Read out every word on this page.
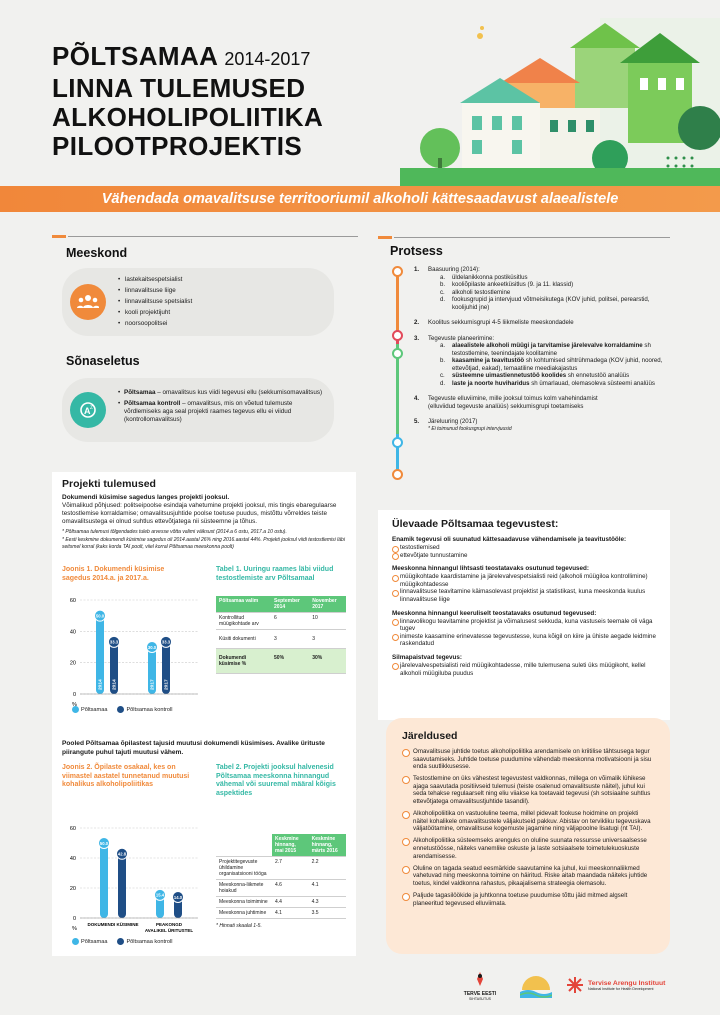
PÕLTSAMAA 2014-2017
LINNA TULEMUSED
ALKOHOLIPOLIITIKA
PILOOTPROJEKTIS
Vähendada omavalitsuse territooriumil alkoholi kättesaadavust alaealistele
Meeskond
• lastekaitsespetsialist
• linnavalitsuse liige
• linnavalitsuse spetsialist
• kooli projektijuht
• noorsoopolitsei
Sõnaseletus
A Z
• Põltsamaa – omavalitsus kus viidi tegevusi ellu (sekkumisomavalitsus)
• Põltsamaa kontroll – omavalitsus, mis on võetud tulemuste võrdlemiseks aga seal projekti raames tegevus ellu ei viidud (kontrollomavalitsus)
Protsess
1. Baasuuring (2014):
a. üldelanikkonna postiküsitlus
b. kooliõpilaste ankeetküsitlus (9. ja 11. klassid)
c. alkoholi testostlemine
d. fookusgrupid ja intervjuud võtmeisikutega (KOV juhid, politsei, perearstid, koolijuhid jne)
2. Koolitus sekkumisgrupi 4-5 liikmeliste meeskondadele
3. Tegevuste planeerimine:
a. alaealistele alkoholi müügi ja tarvitamise järelevalve korraldamine sh testostlemine, teenindajate koolitamine
b. kaasamine ja teavitustöö sh kohtumised sihtrühmadega (KOV juhid, noored, ettevõtjad, eakad), temaatiline meediakajastus
c. süsteemne uimastiennetustöö koolides sh ennetustöö analüüs
d. laste ja noorte huviharidus sh ümarlauad, olemasoleva süsteemi analüüs
4. Tegevuste elluviimine, mille jooksul toimus kolm vahehindamist (elluviidud tegevuste analüüs) sekkumisgrupi toetamiseks
5. Järeluuring (2017)
* Ei toimunud fookusgrupi intervjuusid
Projekti tulemused
Dokumendi küsimise sagedus langes projekti jooksul.
Võimalikud põhjused: politseipoolse esindaja vahetumine projekti jooksul, mis tingis ebaregulaarse testostlemise korraldamise; omavalitsusjuhtide poolse toetuse puudus, mistõttu võrreldes teiste omavalitsustega ei olnud suhtlus ettevõtjatega nii süsteemne ja tõhus.
* Põltsamaa tulemusi tõlgendades tuleb arvesse võtta valimi väiksust (2014.a 6 ostu, 2017.a 10 ostu).
* Eesti keskmine dokumendi küsimise sagedus oli 2014.aastal 26% ning 2016.aastal 44%. Projekti jooksul viidi testostlemisi läbi seitsmel korral (kaks korda TAI poolt, viiel korral Põltsamaa meeskonna poolt)
Joonis 1. Dokumendi küsimise sagedus 2014.a. ja 2017.a.
Tabel 1. Uuringu raames läbi viidud testostlemiste arv Põltsamaal
60
40
20
0
%
50.0
2014
33.3
2014
30.0
2017
33.3
2017
Põltsamaa	Põltsamaa kontroll
Põltsamaa valim	September 2014	November 2017
Kontrollitud müügikohtade arv	6	10
Küsiti dokumenti	3	3
Dokumendi küsimise %	50%	30%
Pooled Põltsamaa õpilastest tajusid muutusi dokumendi küsimises. Avalike ürituste piirangute puhul tajuti muutusi vähem.
Joonis 2. Õpilaste osakaal, kes on viimastel aastatel tunnetanud muutusi kohalikus alkoholipoliitikas
Tabel 2. Projekti jooksul halvenesid Põltsamaa meeskonna hinnangud vähemal või suuremal määral kõigis aspektides
60
40
20
0
%
50.0
42.8
DOKUMENDI KÜSIMINE
15.4 14.0
PEAKONGD
AVALIKEL ÜRITUSTEL
Põltsamaa	Põltsamaa kontroll
	Keskmine hinnang, mai 2015	Keskmine hinnang, märts 2016
Projektitegevuste ühildamine organisatsiooni tööga	2.7	2.2
Meeskonna-liikmete hoiakud	4.6	4.1
Meeskonna toimimine	4.4	4.3
Meeskonna juhtimine	4.1	3.5
* Hinnati skaalal 1-5.
Ülevaade Põltsamaa tegevustest:
Enamik tegevusi oli suunatud kättesaadavuse vähendamisele ja teavitustööle:
testostlemised
ettevõtjate tunnustamine
Meeskonna hinnangul lihtsasti teostatavaks osutunud tegevused:
müügikohtade kaardistamine ja järelevalvespetsialisti reid (alkoholi müügiloa kontrollimine) müügikohtadesse
linnavalitsuse teavitamine käimasolevast projektist ja statistikast, kuna meeskonda kuulus linnavalitsuse liige
Meeskonna hinnangul keeruliselt teostatavaks osutunud tegevused:
linnavolikogu teavitamine projektist ja võimalusest sekkuda, kuna vastuseis teemale oli väga tugev
inimeste kaasamine erinevatesse tegevustesse, kuna kõigil on kiire ja ühiste aegade leidmine raskendatud
Silmapaistvad tegevus:
järelevalvespetsialisti reid müügikohtadesse, mille tulemusena suleti üks müügikoht, kellel alkoholi müügiluba puudus
Järeldused
Omavalitsuse juhtide toetus alkoholipoliitika arendamisele on kriitilise tähtsusega tegur saavutamiseks. Juhtide toetuse puudumine vähendab meeskonna motivatsiooni ja sisu enda suutlikkusesse.
Testostlemine on üks vähestest tegevustest valdkonnas, millega on võimalik lühikese ajaga saavutada positiivseid tulemusi (teiste osalenud omavalitsuste näitel), juhul kui seda tehakse regulaarselt ning eliu viiakse ka toetavaid tegevusi (sh sotsiaalne suhtlus ettevõtjatega omavalitsustjuhtide tasandil).
Alkoholipoliitika on vastuoluline teema, millel pidevalt fookuse hoidmine on projekti näitel kohalikele omavalitsustele väljakutseid pakkuv. Abistav on tervikliku tegevuskava väljatöötamine, omavalitsuse kogemuste jagamine ning väljapoolne lisatugi (nt TAI).
Alkoholipoliitika süsteemseks arenguks on oluline suunata ressursse universaalsesse ennetustöösse, näiteks vanemlike oskuste ja laste sotsiaalsete toimetulekuoskuste arendamisesse.
Oluline on tagada seatud eesmärkide saavutamine ka juhul, kui meeskonnaliikmed vahetuvad ning meeskonna toimine on häiritud. Riske aitab maandada näiteks juhtide toetus, kindel valdkonna rahastus, pikaajalisema strateegia olemasolu.
Paljude tagasilöökide ja juhtkonna toetuse puudumise tõttu jäid mitmed algselt planeeritud tegevused elluviimata.
TERVE EESTI
SIHTASUTUS
Tervise Arengu Instituut
National Institute for Health Development
